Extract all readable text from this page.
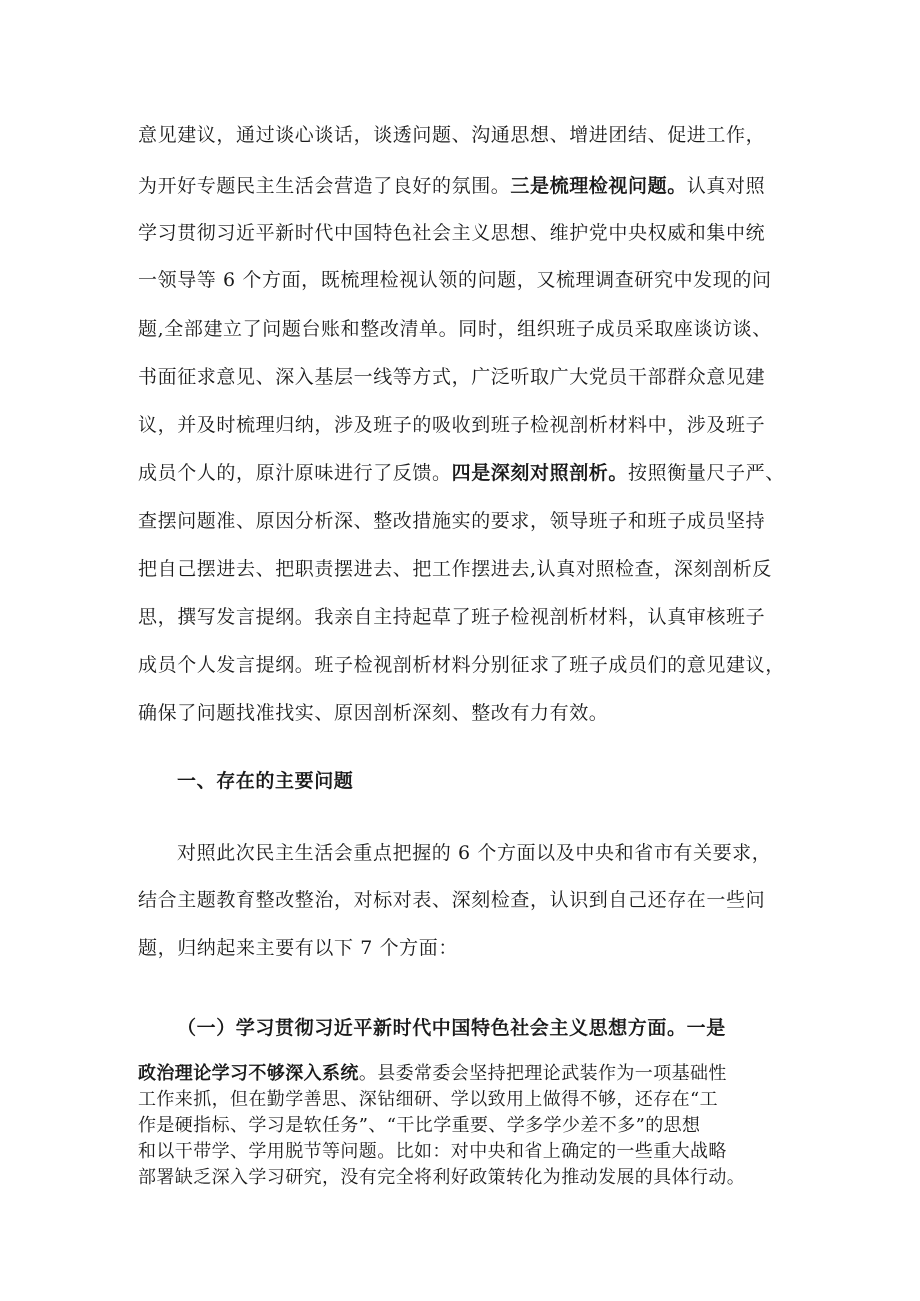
意见建议，通过谈心谈话，谈透问题、沟通思想、增进团结、促进工作，
为开好专题民主生活会营造了良好的氛围。三是梳理检视问题。认真对照
学习贯彻习近平新时代中国特色社会主义思想、维护党中央权威和集中统
一领导等 6 个方面，既梳理检视认领的问题，又梳理调查研究中发现的问
题,全部建立了问题台账和整改清单。同时，组织班子成员采取座谈访谈、
书面征求意见、深入基层一线等方式，广泛听取广大党员干部群众意见建
议，并及时梳理归纳，涉及班子的吸收到班子检视剖析材料中，涉及班子
成员个人的，原汁原味进行了反馈。四是深刻对照剖析。按照衡量尺子严、
查摆问题准、原因分析深、整改措施实的要求，领导班子和班子成员坚持
把自己摆进去、把职责摆进去、把工作摆进去,认真对照检查，深刻剖析反
思，撰写发言提纲。我亲自主持起草了班子检视剖析材料，认真审核班子
成员个人发言提纲。班子检视剖析材料分别征求了班子成员们的意见建议，
确保了问题找准找实、原因剖析深刻、整改有力有效。
一、存在的主要问题
对照此次民主生活会重点把握的 6 个方面以及中央和省市有关要求，
结合主题教育整改整治，对标对表、深刻检查，认识到自己还存在一些问
题，归纳起来主要有以下 7 个方面：
（一）学习贯彻习近平新时代中国特色社会主义思想方面。一是
政治理论学习不够深入系统。县委常委会坚持把理论武装作为一项基础性
工作来抓，但在勤学善思、深钻细研、学以致用上做得不够，还存在“工
作是硬指标、学习是软任务”、“干比学重要、学多学少差不多”的思想
和以干带学、学用脱节等问题。比如：对中央和省上确定的一些重大战略
部署缺乏深入学习研究，没有完全将利好政策转化为推动发展的具体行动。
